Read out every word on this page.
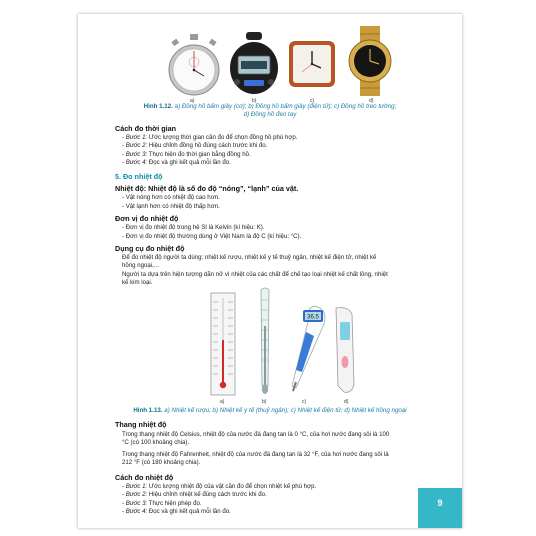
a)	b)	c)	d)
Hình 1.12. a) Đồng hồ bấm giây (cơ); b) Đồng hồ bấm giây (điện tử); c) Đồng hồ treo tường;
d) Đồng hồ đeo tay
Cách đo thời gian
- Bước 1: Ước lượng thời gian cần đo để chọn đồng hồ phù hợp.
- Bước 2: Hiệu chỉnh đồng hồ đúng cách trước khi đo.
- Bước 3: Thực hiện đo thời gian bằng đồng hồ.
- Bước 4: Đọc và ghi kết quả mỗi lần đo.
5. Đo nhiệt độ
Nhiệt độ: Nhiệt độ là số đo độ “nóng”, “lạnh” của vật.
- Vật nóng hơn có nhiệt độ cao hơn.
- Vật lạnh hơn có nhiệt độ thấp hơn.
Đơn vị đo nhiệt độ
- Đơn vị đo nhiệt độ trong hệ SI là Kelvin (kí hiệu: K).
- Đơn vị đo nhiệt độ thường dùng ở Việt Nam là độ C (kí hiệu: °C).
Dụng cụ đo nhiệt độ
Để đo nhiệt độ người ta dùng: nhiệt kế rượu, nhiệt kế y tế thuỷ ngân, nhiệt kế điện tử, nhiệt kế
hồng ngoại,...
Người ta dựa trên hiện tượng dãn nở vì nhiệt của các chất để chế tạo loại nhiệt kế chất lỏng, nhiệt
kế kim loại.
36.5
a)	b)	c)	d)
Hình 1.13. a) Nhiệt kế rượu; b) Nhiệt kế y tế (thuỷ ngân); c) Nhiệt kế điện tử; d) Nhiệt kế hồng ngoại
Thang nhiệt độ
Trong thang nhiệt độ Celsius, nhiệt độ của nước đá đang tan là 0 °C, của hơi nước đang sôi là 100
°C (có 100 khoảng chia).
Trong thang nhiệt độ Fahrenheit, nhiệt độ của nước đá đang tan là 32 °F, của hơi nước đang sôi là
212 °F (có 180 khoảng chia).
Cách đo nhiệt độ
- Bước 1: Ước lượng nhiệt độ của vật cần đo để chọn nhiệt kế phù hợp.
- Bước 2: Hiệu chỉnh nhiệt kế đúng cách trước khi đo.
- Bước 3: Thực hiện phép đo.
- Bước 4: Đọc và ghi kết quả mỗi lần đo.
9
